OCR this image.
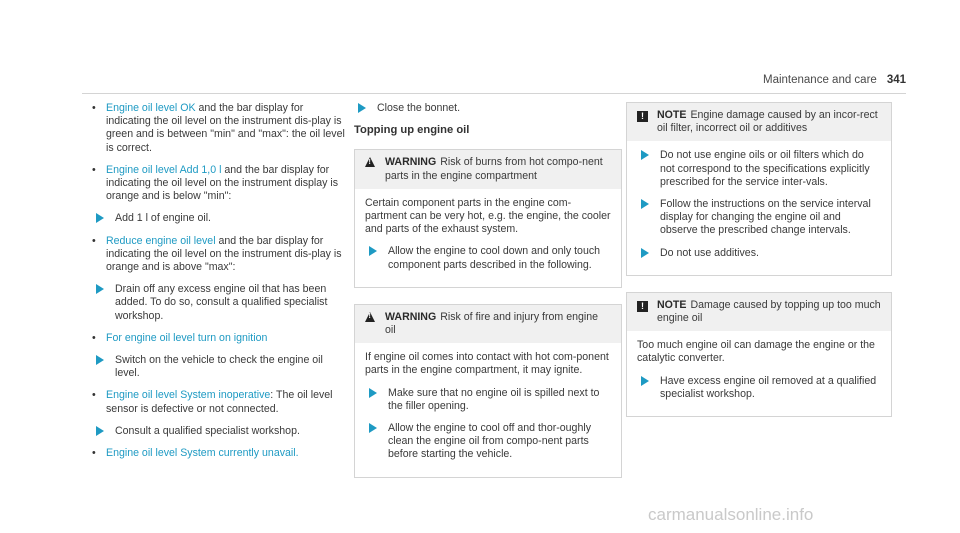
Maintenance and care 341
• Engine oil level OK and the bar display for indicating the oil level on the instrument dis-play is green and is between "min" and "max": the oil level is correct.
• Engine oil level Add 1,0 l and the bar display for indicating the oil level on the instrument display is orange and is below "min":
Add 1 l of engine oil.
• Reduce engine oil level and the bar display for indicating the oil level on the instrument dis-play is orange and is above "max":
Drain off any excess engine oil that has been added. To do so, consult a qualified specialist workshop.
• For engine oil level turn on ignition
Switch on the vehicle to check the engine oil level.
• Engine oil level System inoperative: The oil level sensor is defective or not connected.
Consult a qualified specialist workshop.
• Engine oil level System currently unavail.
Close the bonnet.
Topping up engine oil
!
WARNING Risk of burns from hot compo-nent parts in the engine compartment

Certain component parts in the engine com-partment can be very hot, e.g. the engine, the cooler and parts of the exhaust system.

Allow the engine to cool down and only touch component parts described in the following.
!
WARNING Risk of fire and injury from engine oil

If engine oil comes into contact with hot com-ponent parts in the engine compartment, it may ignite.

Make sure that no engine oil is spilled next to the filler opening.
Allow the engine to cool off and thor-oughly clean the engine oil from compo-nent parts before starting the vehicle.
!	NOTE Engine damage caused by an incor-rect oil filter, incorrect oil or additives
Do not use engine oils or oil filters which do not correspond to the specifications explicitly prescribed for the service inter-vals.
Follow the instructions on the service interval display for changing the engine oil and observe the prescribed change intervals.
Do not use additives.
!	NOTE Damage caused by topping up too much engine oil

Too much engine oil can damage the engine or the catalytic converter.

Have excess engine oil removed at a qualified specialist workshop.
carmanualsonline.info
